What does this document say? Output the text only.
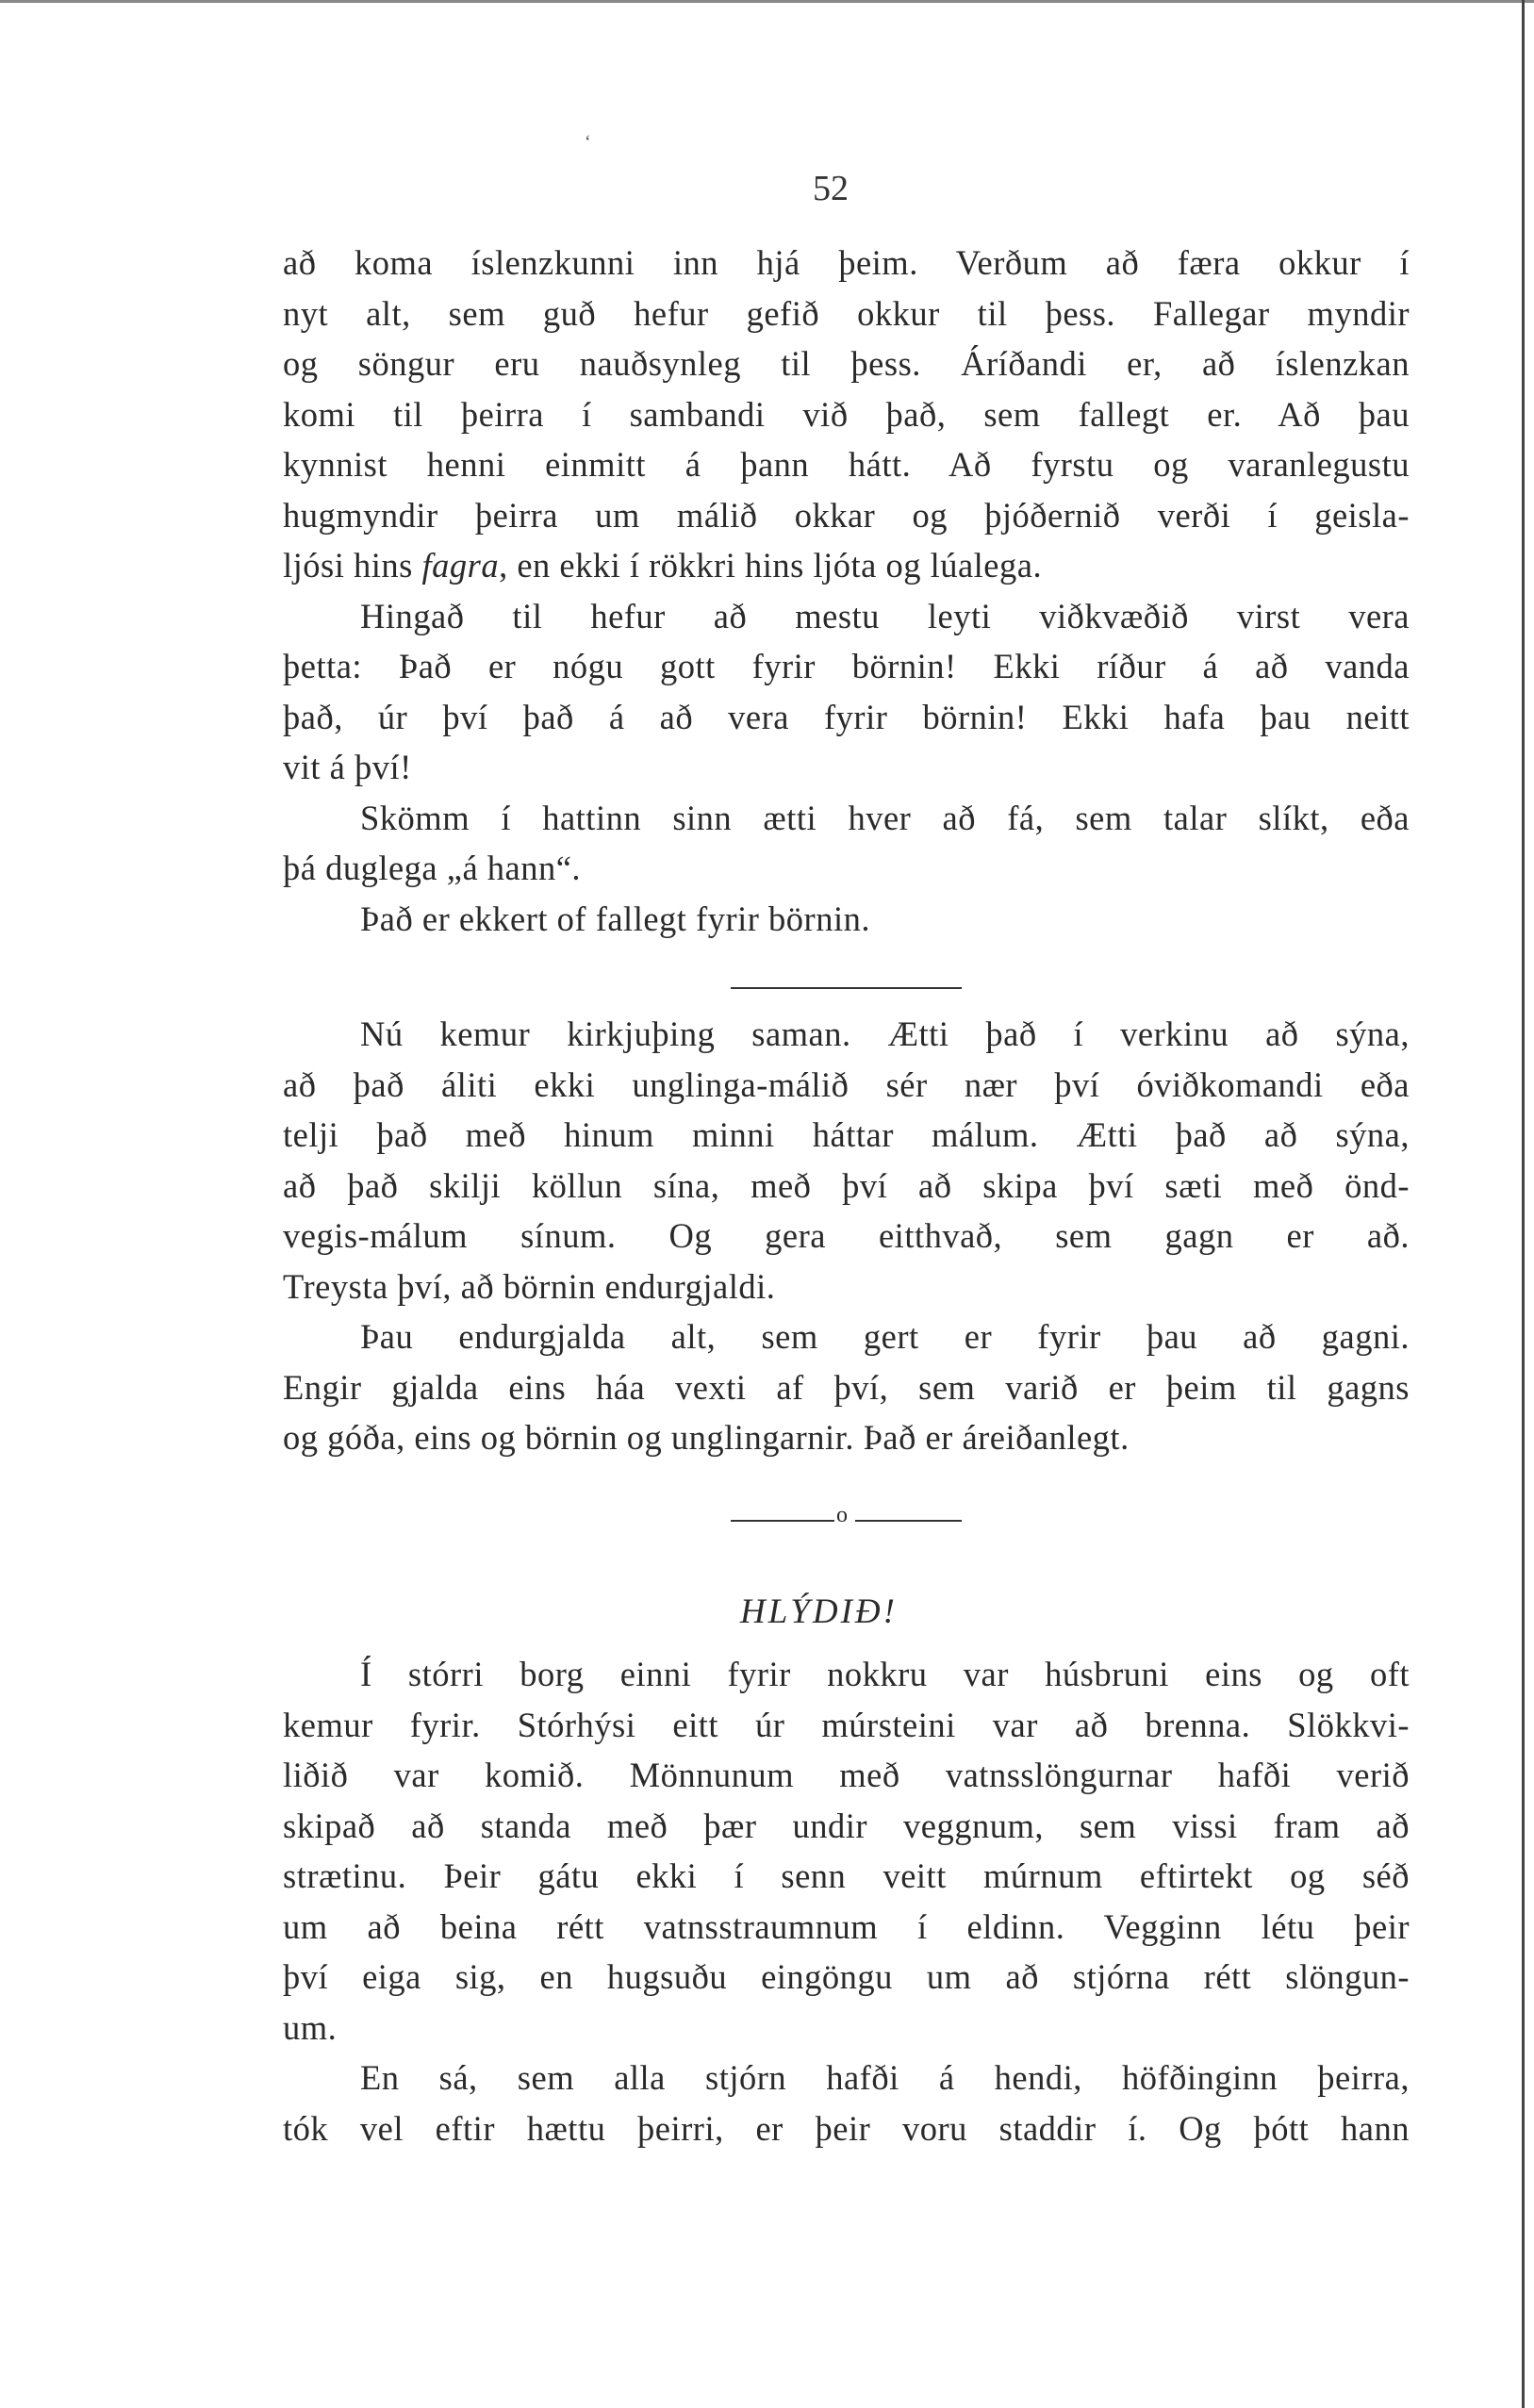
ʻ
52
að koma íslenzkunni inn hjá þeim. Verðum að færa okkur í
nyt alt, sem guð hefur gefið okkur til þess. Fallegar myndir
og söngur eru nauðsynleg til þess. Áríðandi er, að íslenzkan
komi til þeirra í sambandi við það, sem fallegt er. Að þau
kynnist henni einmitt á þann hátt. Að fyrstu og varanlegustu
hugmyndir þeirra um málið okkar og þjóðernið verði í geisla-
ljósi hins fagra, en ekki í rökkri hins ljóta og lúalega.
Hingað til hefur að mestu leyti viðkvæðið virst vera
þetta: Það er nógu gott fyrir börnin! Ekki ríður á að vanda
það, úr því það á að vera fyrir börnin! Ekki hafa þau neitt
vit á því!
Skömm í hattinn sinn ætti hver að fá, sem talar slíkt, eða
þá duglega „á hann“.
Það er ekkert of fallegt fyrir börnin.
Nú kemur kirkjuþing saman. Ætti það í verkinu að sýna,
að það áliti ekki unglinga-málið sér nær því óviðkomandi eða
telji það með hinum minni háttar málum. Ætti það að sýna,
að það skilji köllun sína, með því að skipa því sæti með önd-
vegis-málum sínum. Og gera eitthvað, sem gagn er að.
Treysta því, að börnin endurgjaldi.
Þau endurgjalda alt, sem gert er fyrir þau að gagni.
Engir gjalda eins háa vexti af því, sem varið er þeim til gagns
og góða, eins og börnin og unglingarnir. Það er áreiðanlegt.
o
HLÝDIÐ!
Í stórri borg einni fyrir nokkru var húsbruni eins og oft
kemur fyrir. Stórhýsi eitt úr múrsteini var að brenna. Slökkvi-
liðið var komið. Mönnunum með vatnsslöngurnar hafði verið
skipað að standa með þær undir veggnum, sem vissi fram að
strætinu. Þeir gátu ekki í senn veitt múrnum eftirtekt og séð
um að beina rétt vatnsstraumnum í eldinn. Vegginn létu þeir
því eiga sig, en hugsuðu eingöngu um að stjórna rétt slöngun-
um.
En sá, sem alla stjórn hafði á hendi, höfðinginn þeirra,
tók vel eftir hættu þeirri, er þeir voru staddir í. Og þótt hann
